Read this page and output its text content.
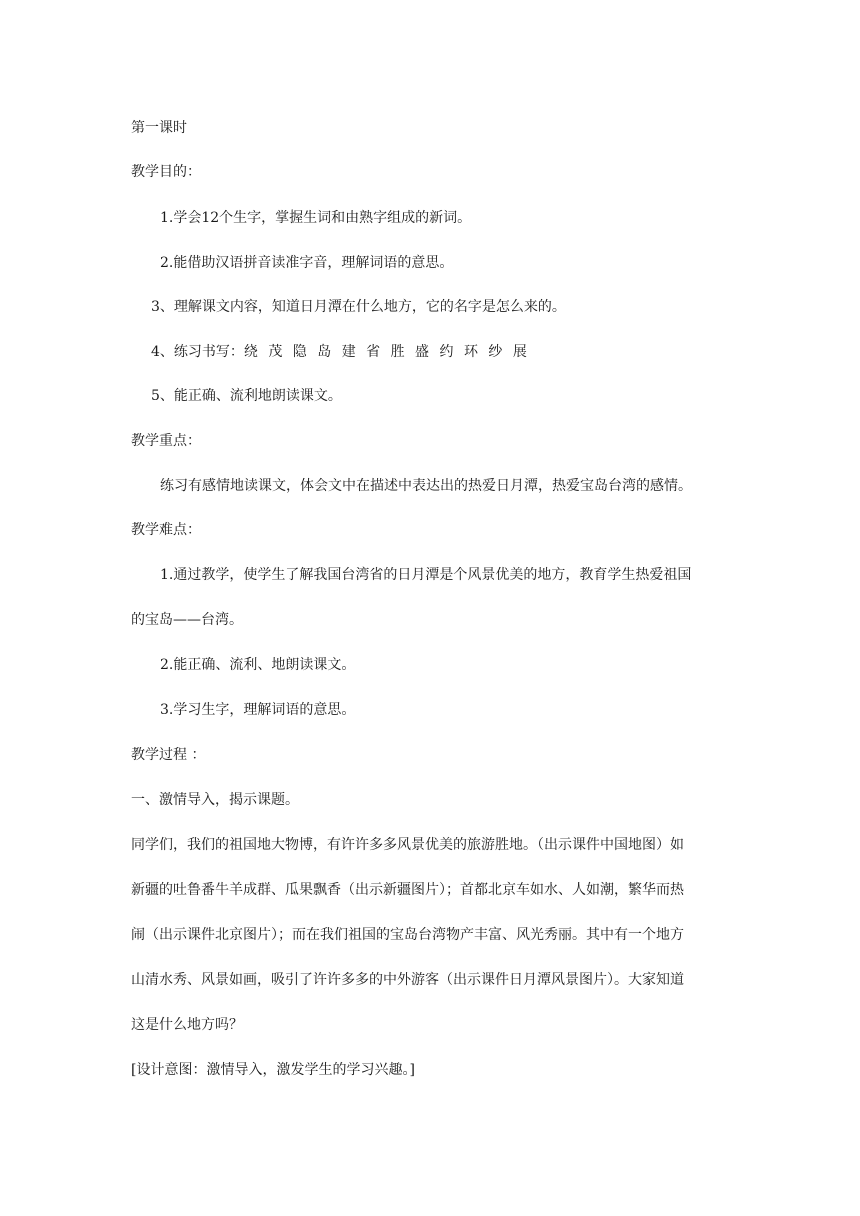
第一课时
教学目的：
1.学会12个生字，掌握生词和由熟字组成的新词。
2.能借助汉语拼音读准字音，理解词语的意思。
3、理解课文内容，知道日月潭在什么地方，它的名字是怎么来的。
4、练习书写：绕 茂 隐 岛 建 省 胜 盛 约 环 纱 展
5、能正确、流利地朗读课文。
教学重点：
练习有感情地读课文，体会文中在描述中表达出的热爱日月潭，热爱宝岛台湾的感情。
教学难点：
1.通过教学，使学生了解我国台湾省的日月潭是个风景优美的地方，教育学生热爱祖国
的宝岛——台湾。
2.能正确、流利、地朗读课文。
3.学习生字，理解词语的意思。
教学过程 ：
一、激情导入，揭示课题。
同学们，我们的祖国地大物博，有许许多多风景优美的旅游胜地。（出示课件中国地图）如
新疆的吐鲁番牛羊成群、瓜果飘香（出示新疆图片）；首都北京车如水、人如潮，繁华而热
闹（出示课件北京图片）；而在我们祖国的宝岛台湾物产丰富、风光秀丽。其中有一个地方
山清水秀、风景如画，吸引了许许多多的中外游客（出示课件日月潭风景图片）。大家知道
这是什么地方吗？
[设计意图：激情导入，激发学生的学习兴趣。]
